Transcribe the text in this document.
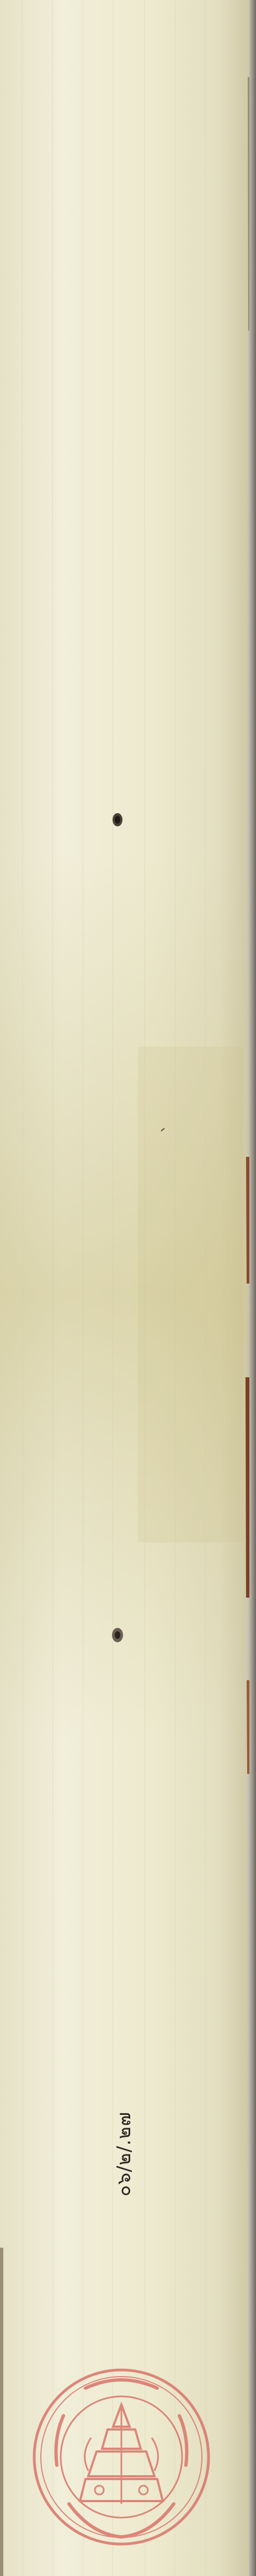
๐๖/๒/.๒๗
